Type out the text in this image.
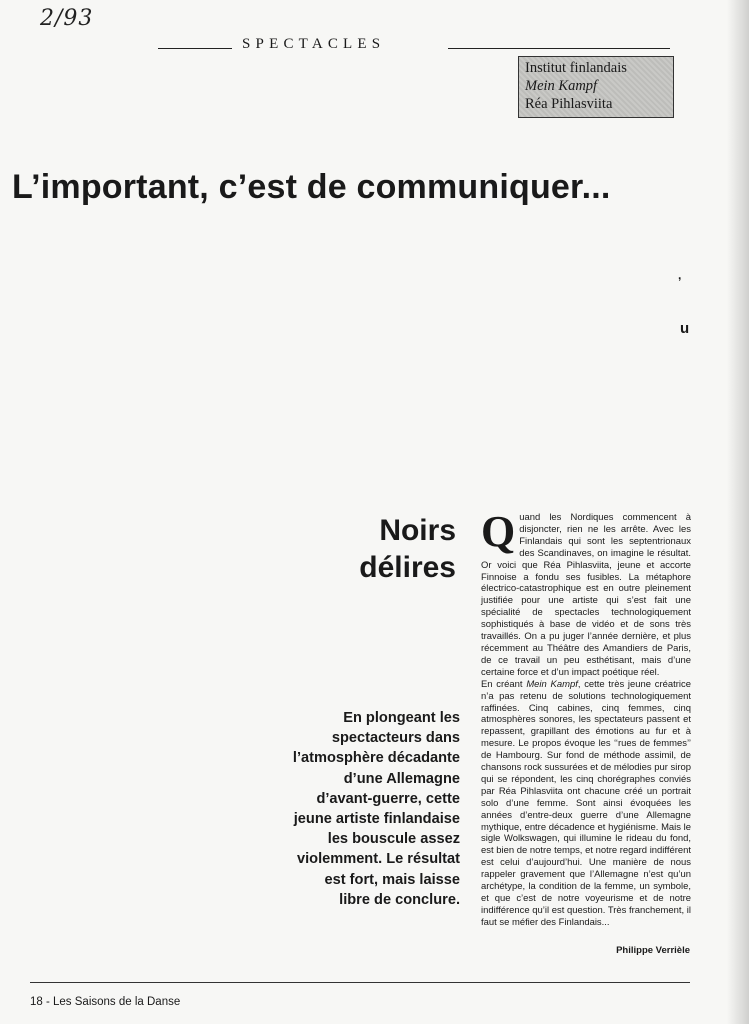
2/93
SPECTACLES
Institut finlandais
Mein Kampf
Réa Pihlasviita
L’important, c’est de communiquer...
,
u
Noirs
délires
En plongeant les spectacteurs dans l’atmosphère décadante d’une Allemagne d’avant-guerre, cette jeune artiste finlandaise les bouscule assez violemment. Le résultat est fort, mais laisse libre de conclure.

Quand les Nordiques commencent à disjoncter, rien ne les arrête. Avec les Finlandais qui sont les septentrionaux des Scandinaves, on imagine le résultat. Or voici que Réa Pihlasviita, jeune et accorte Finnoise a fondu ses fusibles. La métaphore électrico-catastrophique est en outre pleinement justifiée pour une artiste qui s’est fait une spécialité de spectacles technologiquement sophistiqués à base de vidéo et de sons très travaillés. On a pu juger l’année dernière, et plus récemment au Théâtre des Amandiers de Paris, de ce travail un peu esthétisant, mais d’une certaine force et d’un impact poétique réel.

En créant Mein Kampf, cette très jeune créatrice n’a pas retenu de solutions technologiquement raffinées. Cinq cabines, cinq femmes, cinq atmosphères sonores, les spectateurs passent et repassent, grapillant des émotions au fur et à mesure. Le propos évoque les ‘‘rues de femmes’’ de Hambourg. Sur fond de méthode assimil, de chansons rock sussurées et de mélodies pur sirop qui se répondent, les cinq chorégraphes conviés par Réa Pihlasviita ont chacune créé un portrait solo d’une femme. Sont ainsi évoquées les années d’entre-deux guerre d’une Allemagne mythique, entre décadence et hygiénisme. Mais le sigle Wolkswagen, qui illumine le rideau du fond, est bien de notre temps, et notre regard indifférent est celui d’aujourd’hui. Une manière de nous rappeler gravement que l’Allemagne n’est qu’un archétype, la condition de la femme, un symbole, et que c’est de notre voyeurisme et de notre indifférence qu’il est question. Très franchement, il faut se méfier des Finlandais...

Philippe Verrièle
18 - Les Saisons de la Danse
